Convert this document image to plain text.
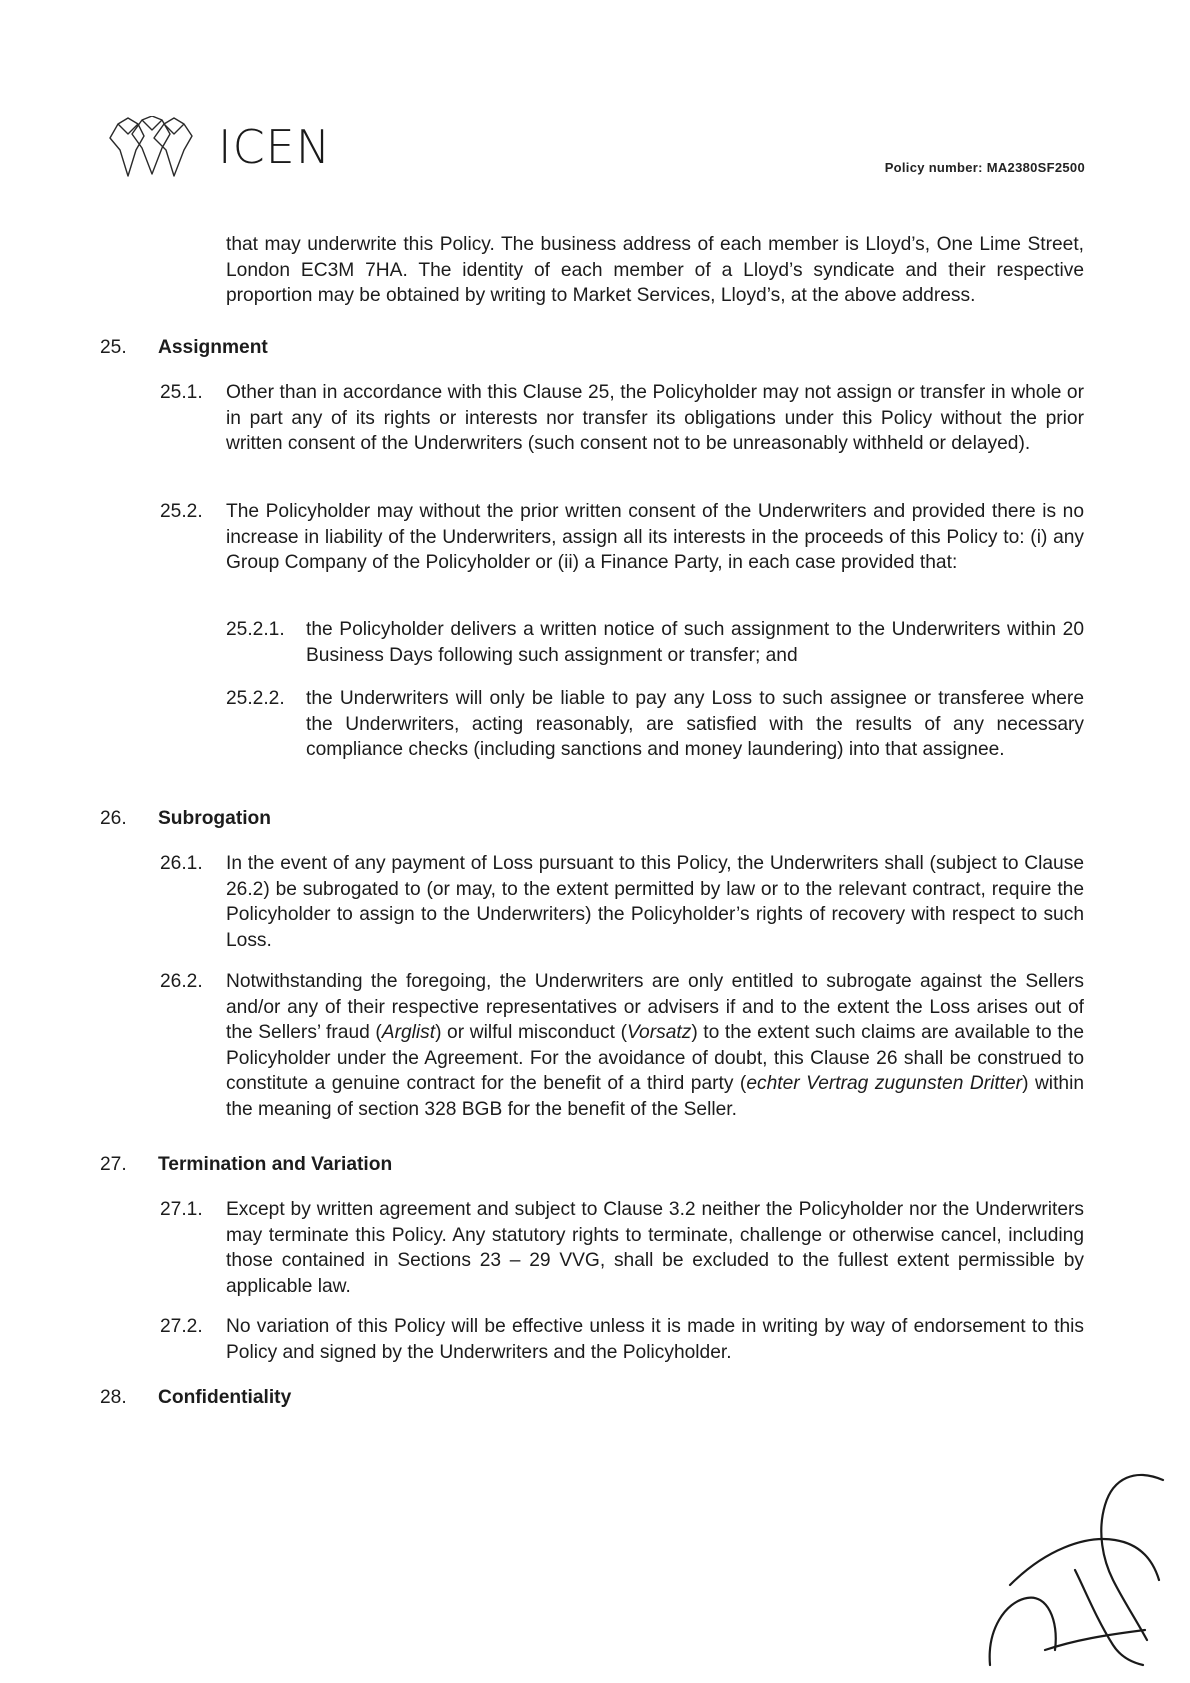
ICEN	Policy number: MA2380SF2500
that may underwrite this Policy. The business address of each member is Lloyd’s, One Lime Street, London EC3M 7HA. The identity of each member of a Lloyd’s syndicate and their respective proportion may be obtained by writing to Market Services, Lloyd’s, at the above address.
25.	Assignment
25.1. Other than in accordance with this Clause 25, the Policyholder may not assign or transfer in whole or in part any of its rights or interests nor transfer its obligations under this Policy without the prior written consent of the Underwriters (such consent not to be unreasonably withheld or delayed).
25.2. The Policyholder may without the prior written consent of the Underwriters and provided there is no increase in liability of the Underwriters, assign all its interests in the proceeds of this Policy to: (i) any Group Company of the Policyholder or (ii) a Finance Party, in each case provided that:
25.2.1. the Policyholder delivers a written notice of such assignment to the Underwriters within 20 Business Days following such assignment or transfer; and
25.2.2. the Underwriters will only be liable to pay any Loss to such assignee or transferee where the Underwriters, acting reasonably, are satisfied with the results of any necessary compliance checks (including sanctions and money laundering) into that assignee.
26.	Subrogation
26.1. In the event of any payment of Loss pursuant to this Policy, the Underwriters shall (subject to Clause 26.2) be subrogated to (or may, to the extent permitted by law or to the relevant contract, require the Policyholder to assign to the Underwriters) the Policyholder’s rights of recovery with respect to such Loss.
26.2. Notwithstanding the foregoing, the Underwriters are only entitled to subrogate against the Sellers and/or any of their respective representatives or advisers if and to the extent the Loss arises out of the Sellers’ fraud (Arglist) or wilful misconduct (Vorsatz) to the extent such claims are available to the Policyholder under the Agreement. For the avoidance of doubt, this Clause 26 shall be construed to constitute a genuine contract for the benefit of a third party (echter Vertrag zugunsten Dritter) within the meaning of section 328 BGB for the benefit of the Seller.
27.	Termination and Variation
27.1. Except by written agreement and subject to Clause 3.2 neither the Policyholder nor the Underwriters may terminate this Policy. Any statutory rights to terminate, challenge or otherwise cancel, including those contained in Sections 23 – 29 VVG, shall be excluded to the fullest extent permissible by applicable law.
27.2. No variation of this Policy will be effective unless it is made in writing by way of endorsement to this Policy and signed by the Underwriters and the Policyholder.
28.	Confidentiality
